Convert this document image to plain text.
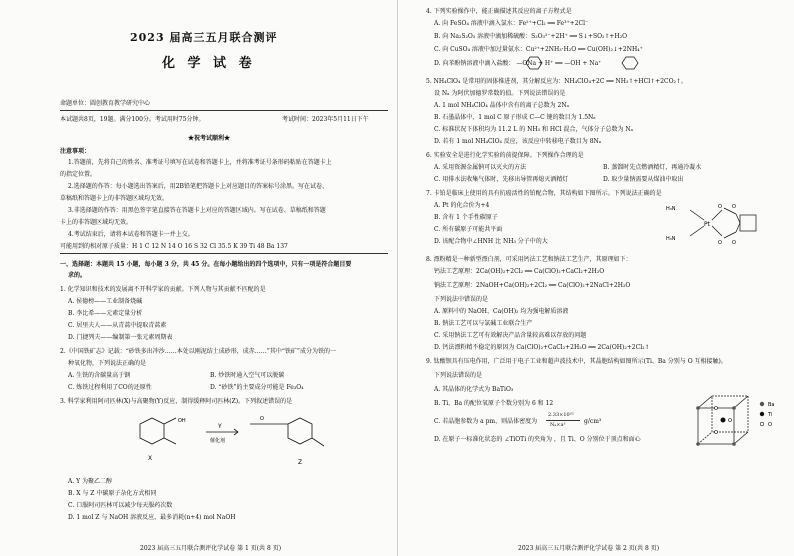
2023 届高三五月联合测评
化 学 试 卷
命题单位：圆创教育教学研究中心
本试题共8页，19题。满分100分。考试用时75分钟。	考试时间：2023年5月11日下午
★祝考试顺利★
注意事项：
1.答题前，先将自己的姓名、准考证号填写在试卷和答题卡上，并将准考证号条形码粘贴在答题卡上
的指定位置。
2.选择题的作答：每小题选出答案后，用2B铅笔把答题卡上对应题目的答案标号涂黑。写在试卷、
草稿纸和答题卡上的非答题区域均无效。
3.非选择题的作答：用黑色签字笔直接答在答题卡上对应的答题区域内。写在试卷、草稿纸和答题
卡上的非答题区域均无效。
4.考试结束后，请将本试卷和答题卡一并上交。
可能用到的相对原子质量：H 1 C 12 N 14 O 16 S 32 Cl 35.5 K 39 Ti 48 Ba 137
一、选择题：本题共 15 小题，每小题 3 分，共 45 分。在每小题给出的四个选项中，只有一项是符合题目要
求的。
1. 化学知识和技术的发展离不开科学家的贡献。下列人物与其贡献不匹配的是
A. 侯德榜——工业制备烧碱
B. 李比希——元素定量分析
C. 居里夫人——从青蒿中提取青蒿素
D. 门捷列夫——编制第一张元素周期表
2.《中国铁矿志》记载：“砂铁多出冲沙……本处以刚泥结土成砂形，成赤……”其中“铁矿”成分为铁的一
种氧化物，下列说法正确的是
A. 生铁的含碳量高于钢	B. 炒铁时通入空气可以脱碳
C. 炼铁过程利用了CO的还原性	D. “砂铁”的主要成分可能是 Fe₃O₄
3. 科学家利用阿司匹林(X)与高聚物(Y)反应，制得缓释阿司匹林(Z)。下列叙述错误的是
OH	O
X
Y
催化剂
Z
A. Y 为聚乙二醇
B. X 与 Z 中碳原子杂化方式相同
C. 口服阿司匹林可以减少每天服药次数
D. 1 mol Z 与 NaOH 溶液反应，最多消耗(n+4) mol NaOH
2023 届高三五月联合测评化学试卷 第 1 页(共 8 页)
4. 下列实验操作中，能正确描述其反应的离子方程式是
A. 向 FeSO₄ 溶液中滴入氯水：Fe²⁺+Cl₂ ══ Fe³⁺+2Cl⁻
B. 向 Na₂S₂O₃ 溶液中滴加稀硫酸：S₂O₃²⁻+2H⁺ ══ S↓+SO₂↑+H₂O
C. 向 CuSO₄ 溶液中加过量氨水：Cu²⁺+2NH₃·H₂O ══ Cu(OH)₂↓+2NH₄⁺
D. 向苯酚钠溶液中滴入盐酸： —ONa + H⁺ ══ —OH + Na⁺
5. NH₄ClO₄ 是常用的固体推进剂，其分解反应为：NH₄ClO₄+2C ══ NH₃↑+HCl↑+2CO₂↑。
设 Nₐ 为阿伏加德罗常数的值。下列说法错误的是
A. 1 mol NH₄ClO₄ 晶体中含有的离子总数为 2Nₐ
B. 石墨晶体中，1 mol C 原子形成 C—C 键的数目为 1.5Nₐ
C. 标准状况下体积均为 11.2 L 的 NH₃ 和 HCl 混合，气体分子总数为 Nₐ
D. 若有 1 mol NH₄ClO₄ 反应，该反应中转移电子数目为 8Nₐ
6. 实验安全是进行化学实验的前提保障。下列操作合理的是
A. 采用资源金属钠可以灭火的方法	B. 蒸馏时先点燃酒精灯，再通冷凝水
C. 用排水法收集气体时，先移出导管再熄灭酒精灯	D. 取少量钠需要从煤油中取出
7. 卡铂是临床上使用的具有抗癌活性的铂配合物，其结构如下图所示。下列说法正确的是
A. Pt 的化合价为+4
B. 含有 1 个手性碳原子
C. 所有碳原子可能共平面
D. 该配合物中∠HNH 比 NH₃ 分子中的大
H₃N
H₃N
Pt
O
O
O
O
8. 漂粉精是一种新型漂白剂，可采用钙法工艺和钠法工艺生产，其原理如下：
钙法工艺原理：2Ca(OH)₂+2Cl₂ ══ Ca(ClO)₂+CaCl₂+2H₂O
钠法工艺原理：2NaOH+Ca(OH)₂+2Cl₂ ══ Ca(ClO)₂+2NaCl+2H₂O
下列说法中错误的是
A. 原料中的 NaOH、Ca(OH)₂ 均为强电解质溶液
B. 钠法工艺可以与氯碱工业联合生产
C. 采用钠法工艺可有效解决产品含量较高难以存放的问题
D. 钙法漂粉精不稳定的原因为 Ca(ClO)₂+CaCl₂+2H₂O ══ 2Ca(OH)₂+2Cl₂↑
9. 钛酸钡具有压电作用，广泛用于电子工业和超声波技术中，其晶胞结构如图所示(Ti、Ba 分别与 O 互相接触)。
下列说法错误的是
A. 其晶体的化学式为 BaTiO₃
B. Ti、Ba 的配位氧原子个数分别为 6 和 12
C. 若晶胞参数为 a pm，则晶体密度为
2.33×10³²
Nₐ×a³	g/cm³
D. 在原子一标准化状态的 ∠TiOTi 的夹角为 ，且 Ti、O 分别位于顶点和面心
Ba
Ti
O
2023 届高三五月联合测评化学试卷 第 2 页(共 8 页)
